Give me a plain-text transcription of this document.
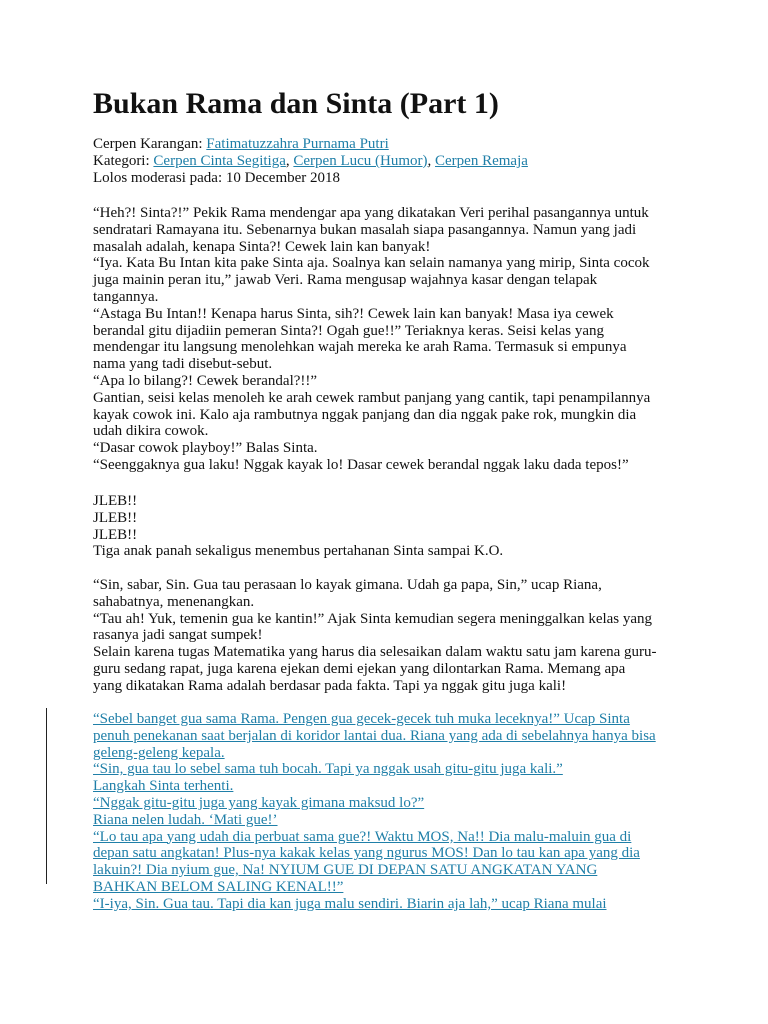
Bukan Rama dan Sinta (Part 1)
Cerpen Karangan: Fatimatuzzahra Purnama Putri
Kategori: Cerpen Cinta Segitiga, Cerpen Lucu (Humor), Cerpen Remaja
Lolos moderasi pada: 10 December 2018

“Heh?! Sinta?!” Pekik Rama mendengar apa yang dikatakan Veri perihal pasangannya untuk

sendratari Ramayana itu. Sebenarnya bukan masalah siapa pasangannya. Namun yang jadi

masalah adalah, kenapa Sinta?! Cewek lain kan banyak!

“Iya. Kata Bu Intan kita pake Sinta aja. Soalnya kan selain namanya yang mirip, Sinta cocok

juga mainin peran itu,” jawab Veri. Rama mengusap wajahnya kasar dengan telapak

tangannya.

“Astaga Bu Intan!! Kenapa harus Sinta, sih?! Cewek lain kan banyak! Masa iya cewek

berandal gitu dijadiin pemeran Sinta?! Ogah gue!!” Teriaknya keras. Seisi kelas yang

mendengar itu langsung menolehkan wajah mereka ke arah Rama. Termasuk si empunya

nama yang tadi disebut-sebut.

“Apa lo bilang?! Cewek berandal?!!”

Gantian, seisi kelas menoleh ke arah cewek rambut panjang yang cantik, tapi penampilannya

kayak cowok ini. Kalo aja rambutnya nggak panjang dan dia nggak pake rok, mungkin dia

udah dikira cowok.

“Dasar cowok playboy!” Balas Sinta.

“Seenggaknya gua laku! Nggak kayak lo! Dasar cewek berandal nggak laku dada tepos!”

JLEB!!

JLEB!!

JLEB!!

Tiga anak panah sekaligus menembus pertahanan Sinta sampai K.O.

“Sin, sabar, Sin. Gua tau perasaan lo kayak gimana. Udah ga papa, Sin,” ucap Riana,

sahabatnya, menenangkan.

“Tau ah! Yuk, temenin gua ke kantin!” Ajak Sinta kemudian segera meninggalkan kelas yang

rasanya jadi sangat sumpek!

Selain karena tugas Matematika yang harus dia selesaikan dalam waktu satu jam karena guru-

guru sedang rapat, juga karena ejekan demi ejekan yang dilontarkan Rama. Memang apa

yang dikatakan Rama adalah berdasar pada fakta. Tapi ya nggak gitu juga kali!

“Sebel banget gua sama Rama. Pengen gua gecek-gecek tuh muka leceknya!” Ucap Sinta

penuh penekanan saat berjalan di koridor lantai dua. Riana yang ada di sebelahnya hanya bisa

geleng-geleng kepala.

“Sin, gua tau lo sebel sama tuh bocah. Tapi ya nggak usah gitu-gitu juga kali.”

Langkah Sinta terhenti.

“Nggak gitu-gitu juga yang kayak gimana maksud lo?”

Riana nelen ludah. ‘Mati gue!’

“Lo tau apa yang udah dia perbuat sama gue?! Waktu MOS, Na!! Dia malu-maluin gua di

depan satu angkatan! Plus-nya kakak kelas yang ngurus MOS! Dan lo tau kan apa yang dia

lakuin?! Dia nyium gue, Na! NYIUM GUE DI DEPAN SATU ANGKATAN YANG

BAHKAN BELOM SALING KENAL!!”

“I-iya, Sin. Gua tau. Tapi dia kan juga malu sendiri. Biarin aja lah,” ucap Riana mulai
